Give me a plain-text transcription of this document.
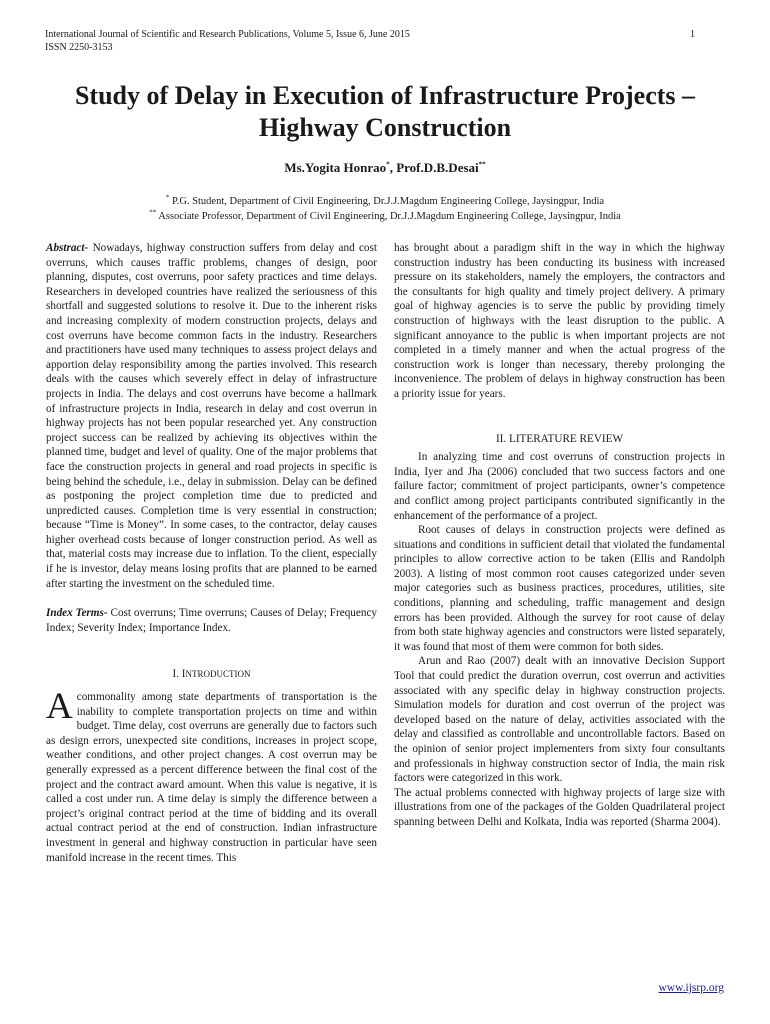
International Journal of Scientific and Research Publications, Volume 5, Issue 6, June 2015
ISSN 2250-3153
1
Study of Delay in Execution of Infrastructure Projects – Highway Construction
Ms.Yogita Honrao*, Prof.D.B.Desai**
* P.G. Student, Department of Civil Engineering, Dr.J.J.Magdum Engineering College, Jaysingpur, India
** Associate Professor, Department of Civil Engineering, Dr.J.J.Magdum Engineering College, Jaysingpur, India

Abstract- Nowadays, highway construction suffers from delay and cost overruns, which causes traffic problems, changes of design, poor planning, disputes, cost overruns, poor safety practices and time delays. Researchers in developed countries have realized the seriousness of this shortfall and suggested solutions to resolve it. Due to the inherent risks and increasing complexity of modern construction projects, delays and cost overruns have become common facts in the industry. Researchers and practitioners have used many techniques to assess project delays and apportion delay responsibility among the parties involved. This research deals with the causes which severely effect in delay of infrastructure projects in India. The delays and cost overruns have become a hallmark of infrastructure projects in India, research in delay and cost overrun in highway projects has not been popular researched yet. Any construction project success can be realized by achieving its objectives within the planned time, budget and level of quality. One of the major problems that face the construction projects in general and road projects in specific is being behind the schedule, i.e., delay in submission. Delay can be defined as postponing the project completion time due to predicted and unpredicted causes. Completion time is very essential in construction; because “Time is Money”. In some cases, to the contractor, delay causes higher overhead costs because of longer construction period. As well as that, material costs may increase due to inflation. To the client, especially if he is investor, delay means losing profits that are planned to be earned after starting the investment on the scheduled time.

Index Terms- Cost overruns; Time overruns; Causes of Delay; Frequency Index; Severity Index; Importance Index.

I. INTRODUCTION

Acommonality among state departments of transportation is the inability to complete transportation projects on time and within budget. Time delay, cost overruns are generally due to factors such as design errors, unexpected site conditions, increases in project scope, weather conditions, and other project changes. A cost overrun may be generally expressed as a percent difference between the final cost of the project and the contract award amount. When this value is negative, it is called a cost under run. A time delay is simply the difference between a project’s original contract period at the time of bidding and its overall actual contract period at the end of construction. Indian infrastructure investment in general and highway construction in particular have seen manifold increase in the recent times. This

has brought about a paradigm shift in the way in which the highway construction industry has been conducting its business with increased pressure on its stakeholders, namely the employers, the contractors and the consultants for high quality and timely project delivery. A primary goal of highway agencies is to serve the public by providing timely construction of highways with the least disruption to the public. A significant annoyance to the public is when important projects are not completed in a timely manner and when the actual progress of the construction work is longer than necessary, thereby prolonging the inconvenience. The problem of delays in highway construction has been a priority issue for years.

II. LITERATURE REVIEW

In analyzing time and cost overruns of construction projects in India, Iyer and Jha (2006) concluded that two success factors and one failure factor; commitment of project participants, owner’s competence and conflict among project participants contributed significantly in the enhancement of the performance of a project.

Root causes of delays in construction projects were defined as situations and conditions in sufficient detail that violated the fundamental principles to allow corrective action to be taken (Ellis and Randolph 2003). A listing of most common root causes categorized under seven major categories such as business practices, procedures, utilities, site conditions, planning and scheduling, traffic management and design errors has been provided. Although the survey for root cause of delay from both state highway agencies and constructors were listed separately, it was found that most of them were common for both sides.

Arun and Rao (2007) dealt with an innovative Decision Support Tool that could predict the duration overrun, cost overrun and activities associated with any specific delay in highway construction projects. Simulation models for duration and cost overrun of the project was developed based on the nature of delay, activities associated with the delay and classified as controllable and uncontrollable factors. Based on the opinion of senior project implementers from sixty four consultants and professionals in highway construction sector of India, the main risk factors were categorized in this work.

The actual problems connected with highway projects of large size with illustrations from one of the packages of the Golden Quadrilateral project spanning between Delhi and Kolkata, India was reported (Sharma 2004).

www.ijsrp.org
